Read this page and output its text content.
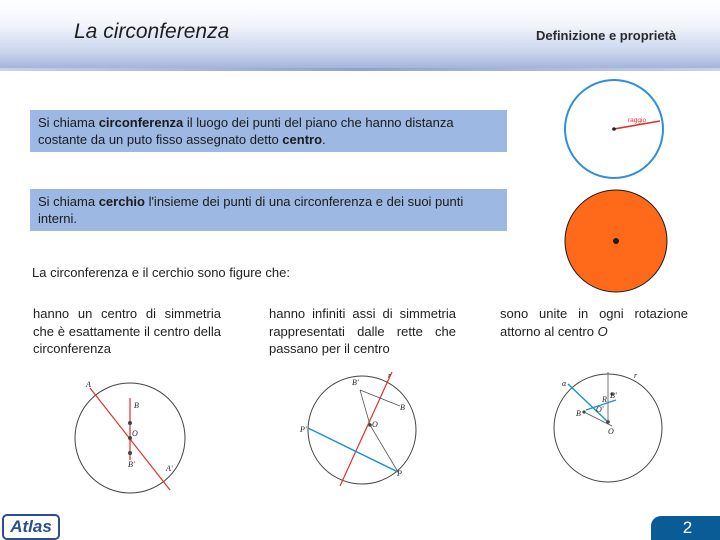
La circonferenza	Definizione e proprietà
Si chiama circonferenza il luogo dei punti del piano che hanno distanza costante da un puto fisso assegnato detto centro.
Si chiama cerchio l'insieme dei punti di una circonferenza e dei suoi punti interni.
raggio
La circonferenza e il cerchio sono figure che:
hanno un centro di simmetria che è esattamente il centro della circonferenza
hanno infiniti assi di simmetria rappresentati dalle rette che passano per il centro
sono unite in ogni rotazione attorno al centro O
A
B
O
B'	A'
r
B'
B
O
P'
P
α
r
B
B'
O
O'
R
Atlas	2
